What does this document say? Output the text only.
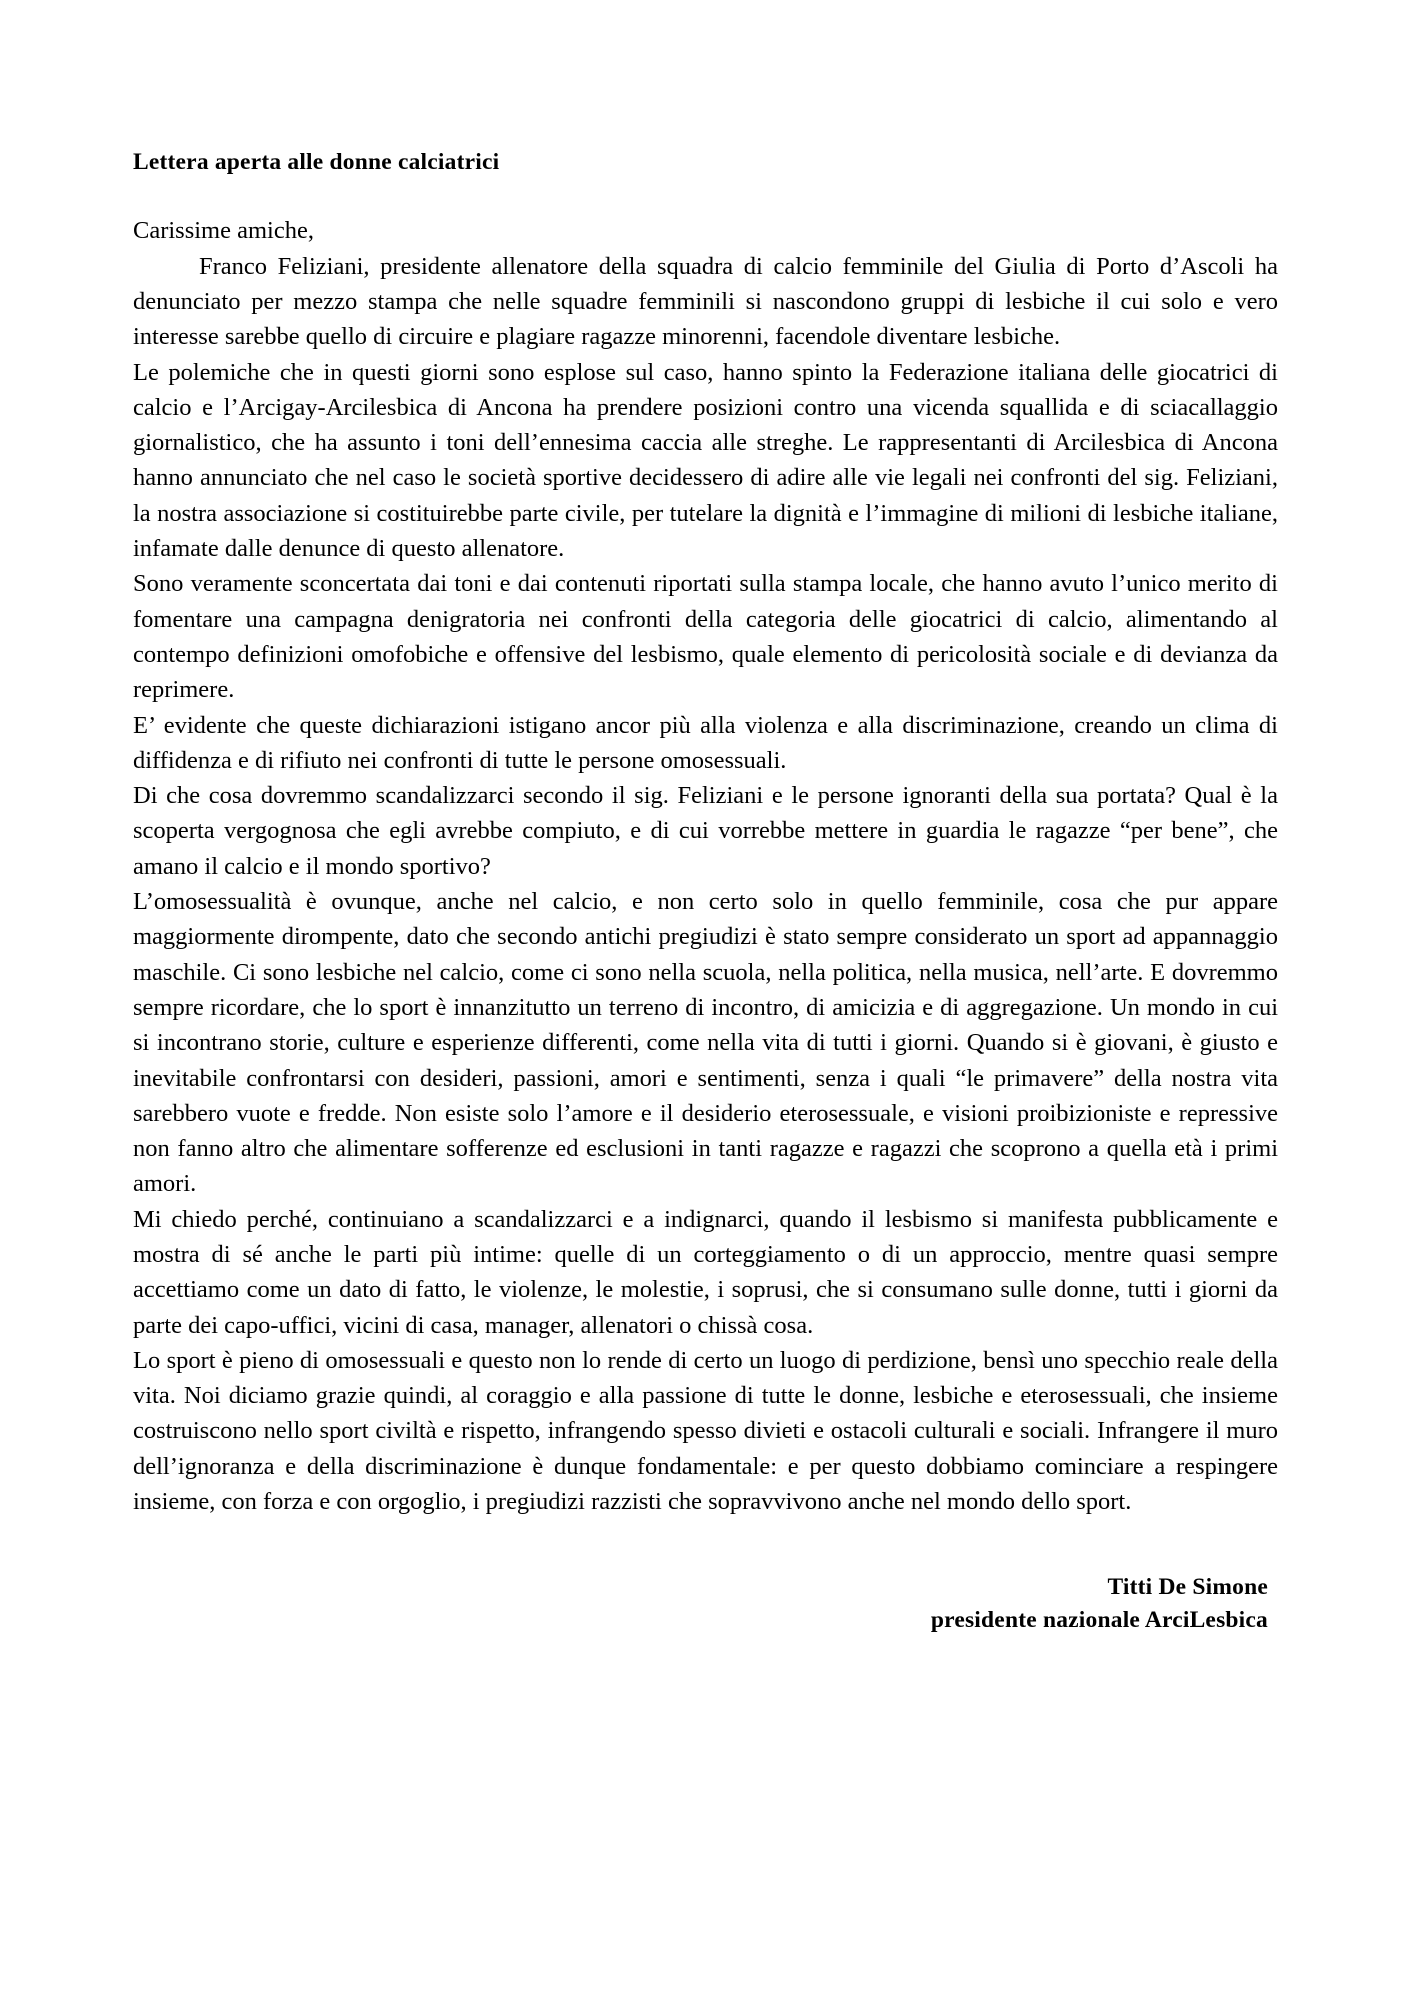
Lettera aperta alle donne calciatrici

Carissime amiche,

Franco Feliziani, presidente allenatore della squadra di calcio femminile del Giulia di Porto d’Ascoli ha denunciato per mezzo stampa che nelle squadre femminili si nascondono gruppi di lesbiche il cui solo e vero interesse sarebbe quello di circuire e plagiare ragazze minorenni, facendole diventare lesbiche.

Le polemiche che in questi giorni sono esplose sul caso, hanno spinto la Federazione italiana delle giocatrici di calcio e l’Arcigay-Arcilesbica di Ancona ha prendere posizioni contro una vicenda squallida e di sciacallaggio giornalistico, che ha assunto i toni dell’ennesima caccia alle streghe. Le rappresentanti di Arcilesbica di Ancona hanno annunciato che nel caso le società sportive decidessero di adire alle vie legali nei confronti del sig. Feliziani, la nostra associazione si costituirebbe parte civile, per tutelare la dignità e l’immagine di milioni di lesbiche italiane, infamate dalle denunce di questo allenatore.

Sono veramente sconcertata dai toni e dai contenuti riportati sulla stampa locale, che hanno avuto l’unico merito di fomentare una campagna denigratoria nei confronti della categoria delle giocatrici di calcio, alimentando al contempo definizioni omofobiche e offensive del lesbismo, quale elemento di pericolosità sociale e di devianza da reprimere.

E’ evidente che queste dichiarazioni istigano ancor più alla violenza e alla discriminazione, creando un clima di diffidenza e di rifiuto nei confronti di tutte le persone omosessuali.

Di che cosa dovremmo scandalizzarci secondo il sig. Feliziani e le persone ignoranti della sua portata? Qual è la scoperta vergognosa che egli avrebbe compiuto, e di cui vorrebbe mettere in guardia le ragazze “per bene”, che amano il calcio e il mondo sportivo?

L’omosessualità è ovunque, anche nel calcio, e non certo solo in quello femminile, cosa che pur appare maggiormente dirompente, dato che secondo antichi pregiudizi è stato sempre considerato un sport ad appannaggio maschile. Ci sono lesbiche nel calcio, come ci sono nella scuola, nella politica, nella musica, nell’arte. E dovremmo sempre ricordare, che lo sport è innanzitutto un terreno di incontro, di amicizia e di aggregazione. Un mondo in cui si incontrano storie, culture e esperienze differenti, come nella vita di tutti i giorni. Quando si è giovani, è giusto e inevitabile confrontarsi con desideri, passioni, amori e sentimenti, senza i quali “le primavere” della nostra vita sarebbero vuote e fredde. Non esiste solo l’amore e il desiderio eterosessuale, e visioni proibizioniste e repressive non fanno altro che alimentare sofferenze ed esclusioni in tanti ragazze e ragazzi che scoprono a quella età i primi amori.

Mi chiedo perché, continuiano a scandalizzarci e a indignarci, quando il lesbismo si manifesta pubblicamente e mostra di sé anche le parti più intime: quelle di un corteggiamento o di un approccio, mentre quasi sempre accettiamo come un dato di fatto, le violenze, le molestie, i soprusi, che si consumano sulle donne, tutti i giorni da parte dei capo-uffici, vicini di casa, manager, allenatori o chissà cosa.

Lo sport è pieno di omosessuali e questo non lo rende di certo un luogo di perdizione, bensì uno specchio reale della vita. Noi diciamo grazie quindi, al coraggio e alla passione di tutte le donne, lesbiche e eterosessuali, che insieme costruiscono nello sport civiltà e rispetto, infrangendo spesso divieti e ostacoli culturali e sociali. Infrangere il muro dell’ignoranza e della discriminazione è dunque fondamentale: e per questo dobbiamo cominciare a respingere insieme, con forza e con orgoglio, i pregiudizi razzisti che sopravvivono anche nel mondo dello sport.

Titti De Simone
presidente nazionale ArciLesbica
